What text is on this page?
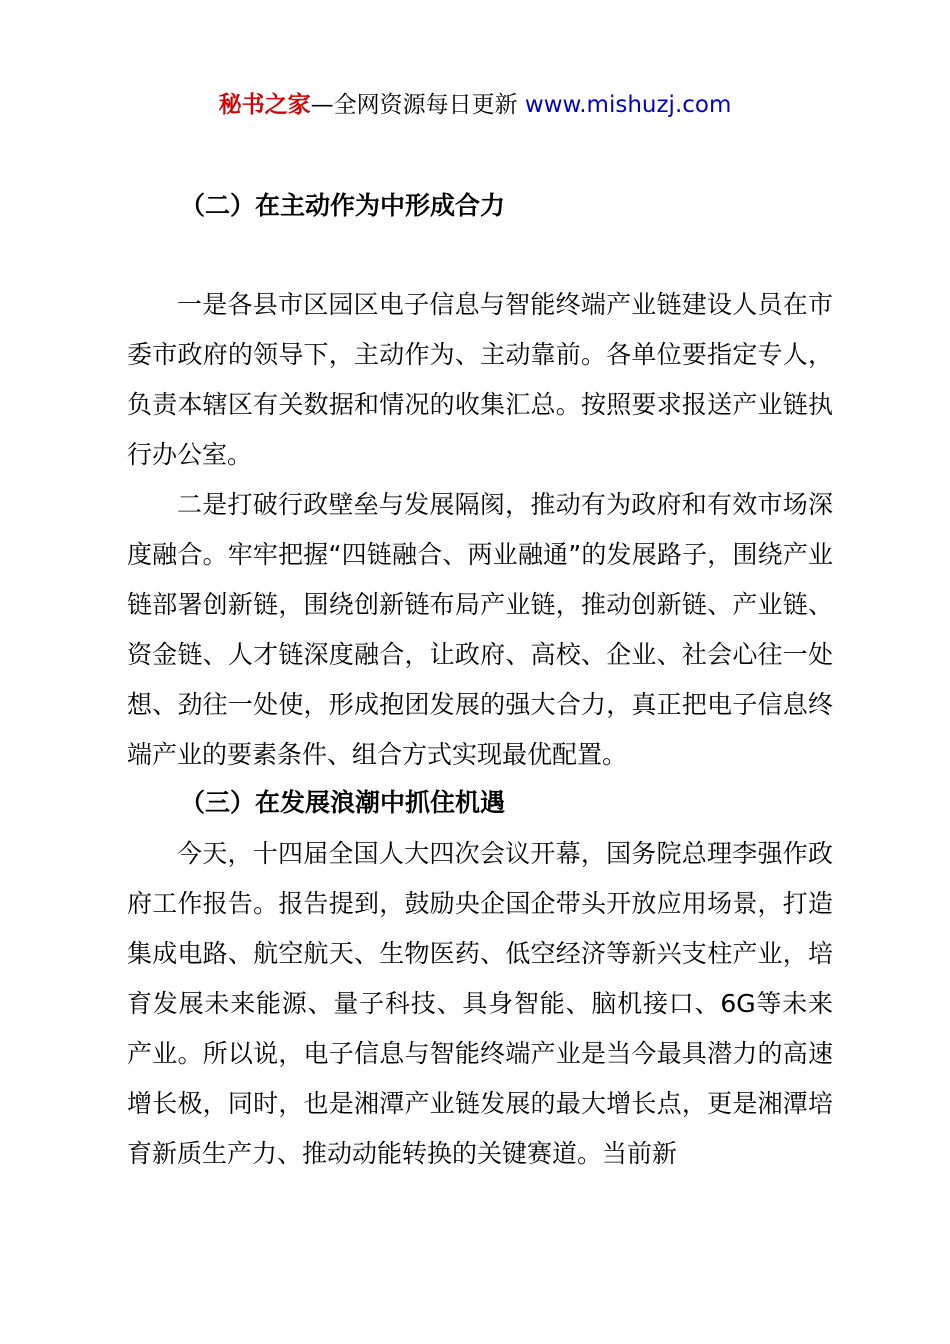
秘书之家—全网资源每日更新 www.mishuzj.com
（二）在主动作为中形成合力

一是各县市区园区电子信息与智能终端产业链建设人员在市委市政府的领导下，主动作为、主动靠前。各单位要指定专人，负责本辖区有关数据和情况的收集汇总。按照要求报送产业链执行办公室。

二是打破行政壁垒与发展隔阂，推动有为政府和有效市场深度融合。牢牢把握“四链融合、两业融通”的发展路子，围绕产业链部署创新链，围绕创新链布局产业链，推动创新链、产业链、资金链、人才链深度融合，让政府、高校、企业、社会心往一处想、劲往一处使，形成抱团发展的强大合力，真正把电子信息终端产业的要素条件、组合方式实现最优配置。

（三）在发展浪潮中抓住机遇

今天，十四届全国人大四次会议开幕，国务院总理李强作政府工作报告。报告提到，鼓励央企国企带头开放应用场景，打造集成电路、航空航天、生物医药、低空经济等新兴支柱产业，培育发展未来能源、量子科技、具身智能、脑机接口、6G等未来产业。所以说，电子信息与智能终端产业是当今最具潜力的高速增长极，同时，也是湘潭产业链发展的最大增长点，更是湘潭培育新质生产力、推动动能转换的关键赛道。当前新
